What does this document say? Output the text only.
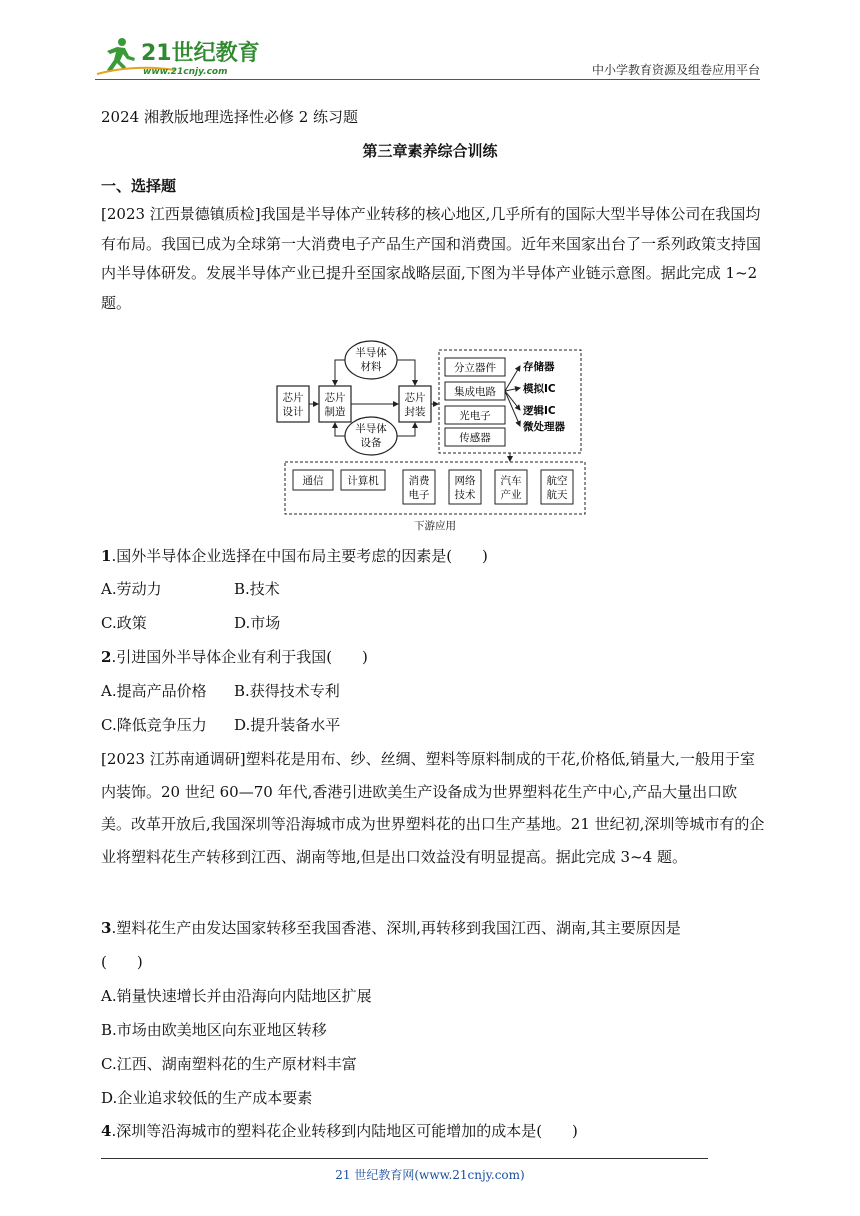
21世纪教育
www.21cnjy.com	中小学教育资源及组卷应用平台
2024 湘教版地理选择性必修 2 练习题
第三章素养综合训练
一、选择题
[2023 江西景德镇质检]我国是半导体产业转移的核心地区,几乎所有的国际大型半导体公司在我国均有布局。我国已成为全球第一大消费电子产品生产国和消费国。近年来国家出台了一系列政策支持国内半导体研发。发展半导体产业已提升至国家战略层面,下图为半导体产业链示意图。据此完成 1~2 题。
芯片
设计
半导体
材料
芯片
制造
芯片
封装
半导体
设备
分立器件
集成电路
光电子
传感器
存储器
模拟IC
逻辑IC
微处理器
通信 计算机	消费
电子
网络
技术
汽车
产业
航空
航天
下游应用
1.国外半导体企业选择在中国布局主要考虑的因素是(　　)
A.劳动力	B.技术
C.政策	D.市场
2.引进国外半导体企业有利于我国(　　)
A.提高产品价格 B.获得技术专利
C.降低竞争压力 D.提升装备水平
[2023 江苏南通调研]塑料花是用布、纱、丝绸、塑料等原料制成的干花,价格低,销量大,一般用于室内装饰。20 世纪 60—70 年代,香港引进欧美生产设备成为世界塑料花生产中心,产品大量出口欧美。改革开放后,我国深圳等沿海城市成为世界塑料花的出口生产基地。21 世纪初,深圳等城市有的企业将塑料花生产转移到江西、湖南等地,但是出口效益没有明显提高。据此完成 3~4 题。
3.塑料花生产由发达国家转移至我国香港、深圳,再转移到我国江西、湖南,其主要原因是
(　　)
A.销量快速增长并由沿海向内陆地区扩展
B.市场由欧美地区向东亚地区转移
C.江西、湖南塑料花的生产原材料丰富
D.企业追求较低的生产成本要素
4.深圳等沿海城市的塑料花企业转移到内陆地区可能增加的成本是(　　)
21 世纪教育网(www.21cnjy.com)
